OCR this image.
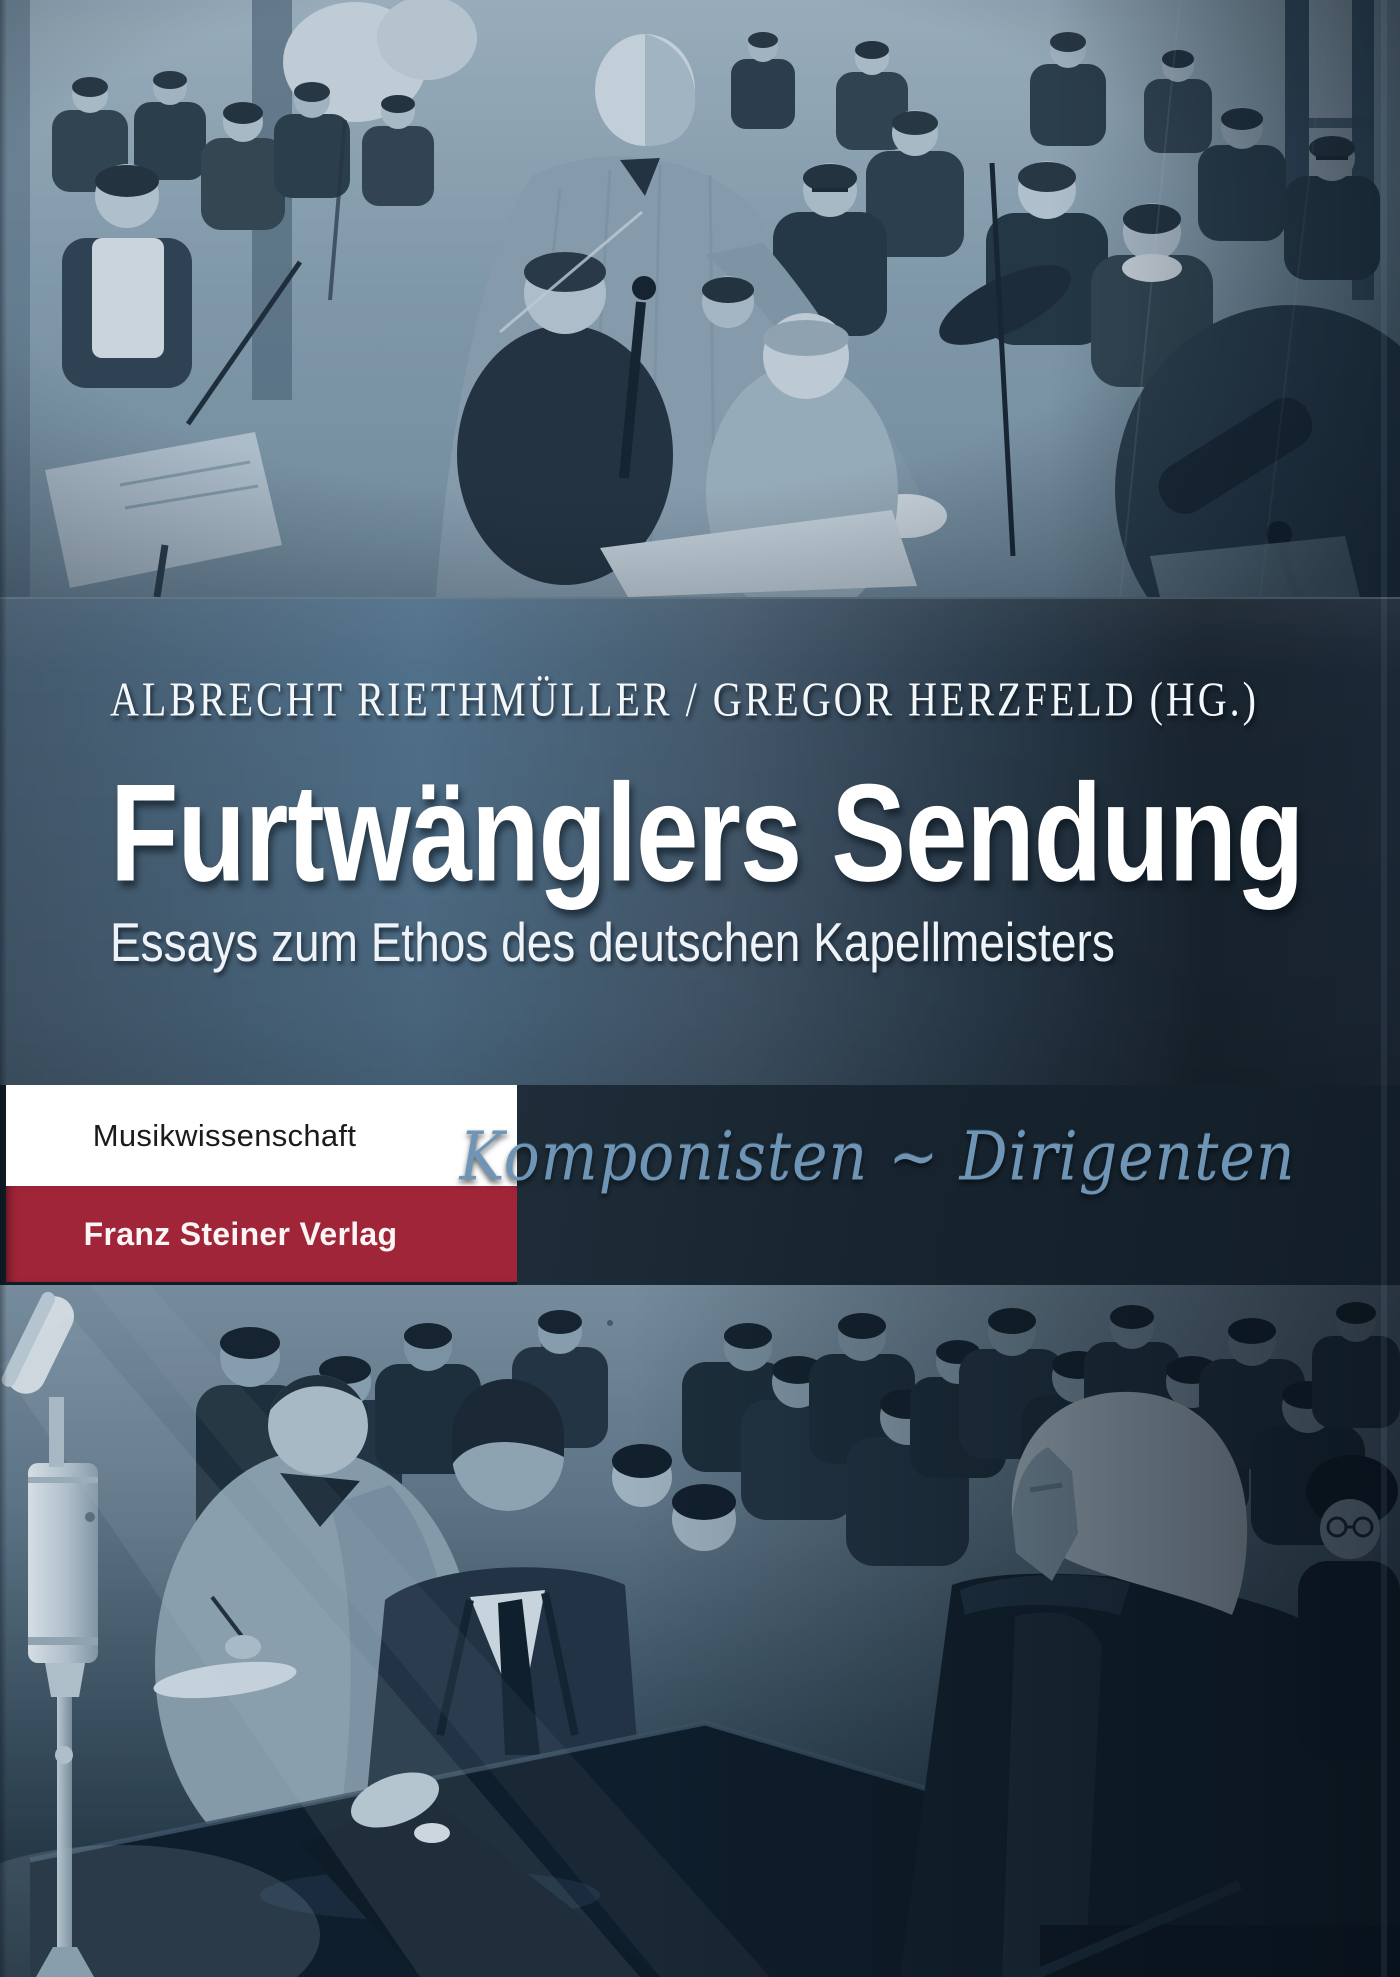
ALBRECHT RIETHMÜLLER / GREGOR HERZFELD (HG.)
Furtwänglers Sendung
Essays zum Ethos des deutschen Kapellmeisters
Musikwissenschaft
Franz Steiner Verlag
Komponisten ~ Dirigenten
